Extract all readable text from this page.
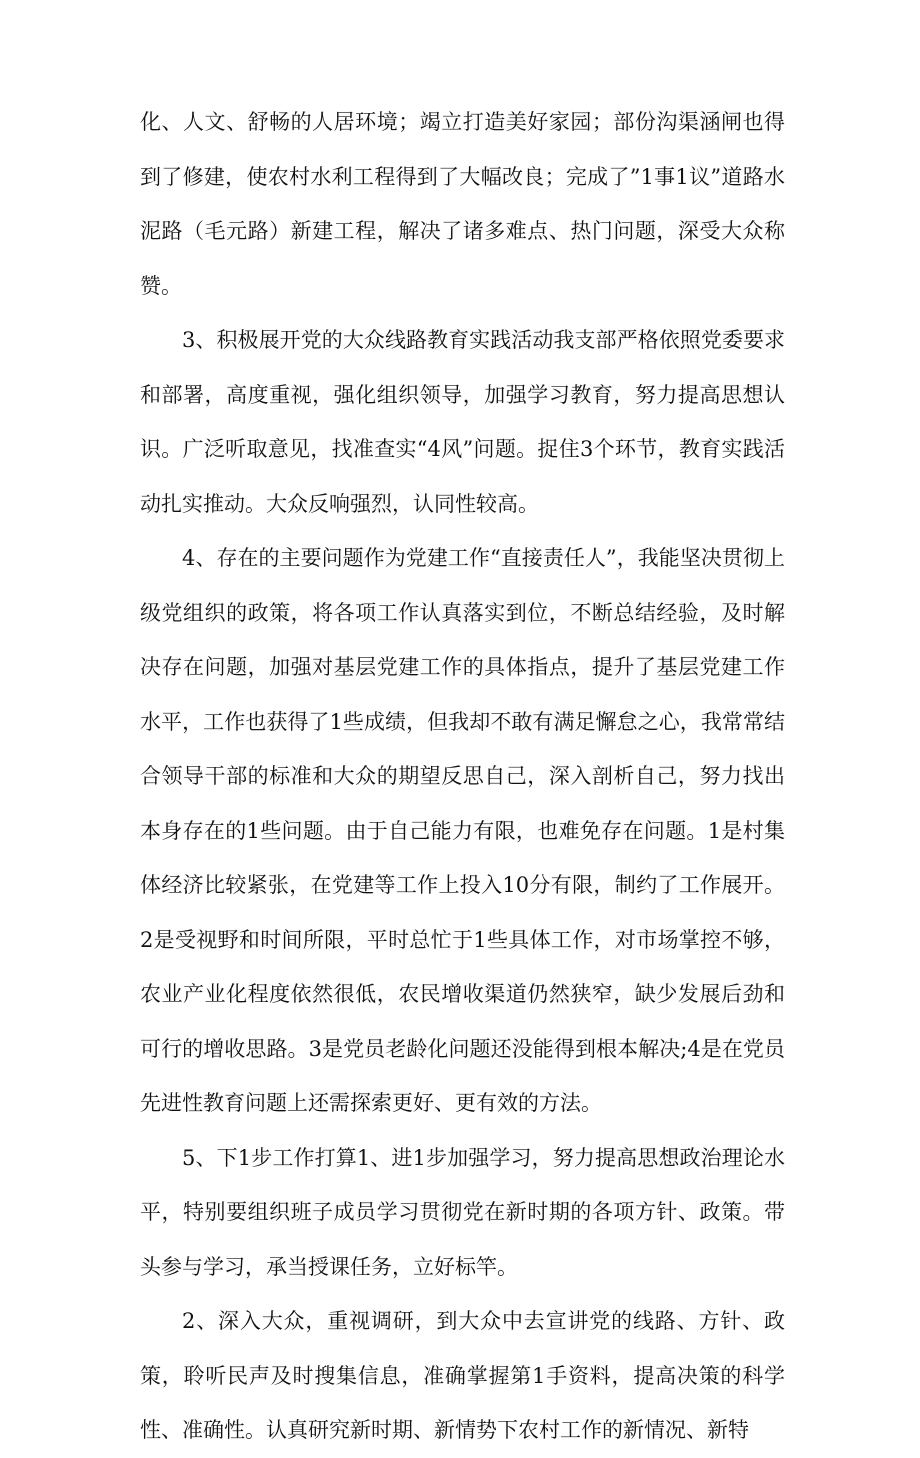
化、人文、舒畅的人居环境；竭立打造美好家园；部份沟渠涵闸也得到了修建，使农村水利工程得到了大幅改良；完成了”1事1议”道路水泥路（毛元路）新建工程，解决了诸多难点、热门问题，深受大众称赞。

3、积极展开党的大众线路教育实践活动我支部严格依照党委要求和部署，高度重视，强化组织领导，加强学习教育，努力提高思想认识。广泛听取意见，找准查实“4风”问题。捉住3个环节，教育实践活动扎实推动。大众反响强烈，认同性较高。

4、存在的主要问题作为党建工作“直接责任人”，我能坚决贯彻上级党组织的政策，将各项工作认真落实到位，不断总结经验，及时解决存在问题，加强对基层党建工作的具体指点，提升了基层党建工作水平，工作也获得了1些成绩，但我却不敢有满足懈怠之心，我常常结合领导干部的标准和大众的期望反思自己，深入剖析自己，努力找出本身存在的1些问题。由于自己能力有限，也难免存在问题。1是村集体经济比较紧张，在党建等工作上投入10分有限，制约了工作展开。2是受视野和时间所限，平时总忙于1些具体工作，对市场掌控不够，农业产业化程度依然很低，农民增收渠道仍然狭窄，缺少发展后劲和可行的增收思路。3是党员老龄化问题还没能得到根本解决;4是在党员先进性教育问题上还需探索更好、更有效的方法。

5、下1步工作打算1、进1步加强学习，努力提高思想政治理论水平，特别要组织班子成员学习贯彻党在新时期的各项方针、政策。带头参与学习，承当授课任务，立好标竿。

2、深入大众，重视调研，到大众中去宣讲党的线路、方针、政策，聆听民声及时搜集信息，准确掌握第1手资料，提高决策的科学性、准确性。认真研究新时期、新情势下农村工作的新情况、新特
